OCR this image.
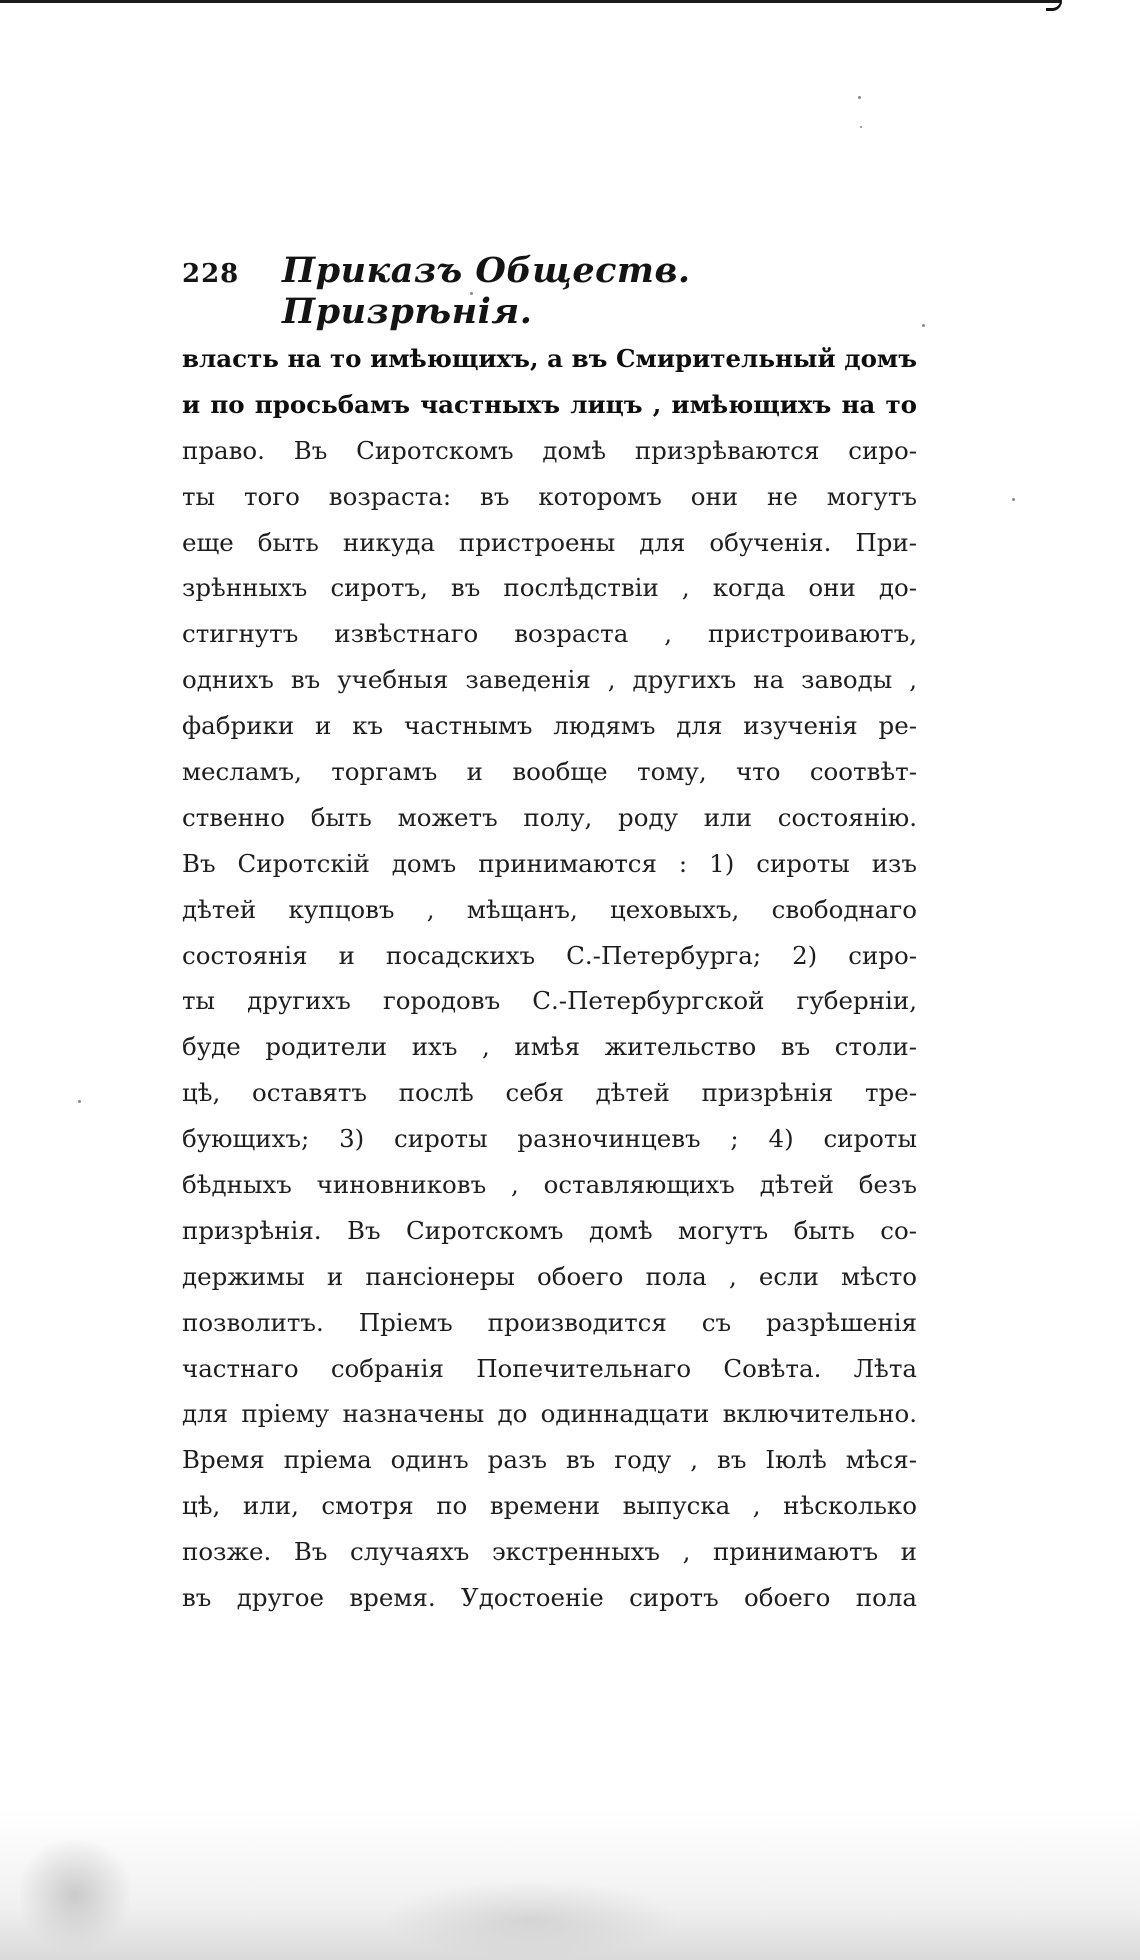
228	Приказъ Обществ. Призрѣнія.
власть на то имѣющихъ, а въ Смирительный домъ
и по просьбамъ частныхъ лицъ , имѣющихъ на то
право. Въ Сиротскомъ домѣ призрѣваются сиро-
ты того возраста: въ которомъ они не могутъ
еще быть никуда пристроены для обученія. При-
зрѣнныхъ сиротъ, въ послѣдствіи , когда они до-
стигнутъ извѣстнаго возраста , пристроиваютъ,
однихъ въ учебныя заведенія , другихъ на заводы ,
фабрики и къ частнымъ людямъ для изученія ре-
месламъ, торгамъ и вообще тому, что соотвѣт-
ственно быть можетъ полу, роду или состоянію.
Въ Сиротскій домъ принимаются : 1) сироты изъ
дѣтей купцовъ , мѣщанъ, цеховыхъ, свободнаго
состоянія и посадскихъ С.-Петербурга; 2) сиро-
ты другихъ городовъ С.-Петербургской губерніи,
буде родители ихъ , имѣя жительство въ столи-
цѣ, оставятъ послѣ себя дѣтей призрѣнія тре-
бующихъ; 3) сироты разночинцевъ ; 4) сироты
бѣдныхъ чиновниковъ , оставляющихъ дѣтей безъ
призрѣнія. Въ Сиротскомъ домѣ могутъ быть со-
держимы и пансіонеры обоего пола , если мѣсто
позволитъ. Пріемъ производится съ разрѣшенія
частнаго собранія Попечительнаго Совѣта. Лѣта
для пріему назначены до одиннадцати включительно.
Время пріема одинъ разъ въ году , въ Іюлѣ мѣся-
цѣ, или, смотря по времени выпуска , нѣсколько
позже. Въ случаяхъ экстренныхъ , принимаютъ и
въ другое время. Удостоеніе сиротъ обоего пола
